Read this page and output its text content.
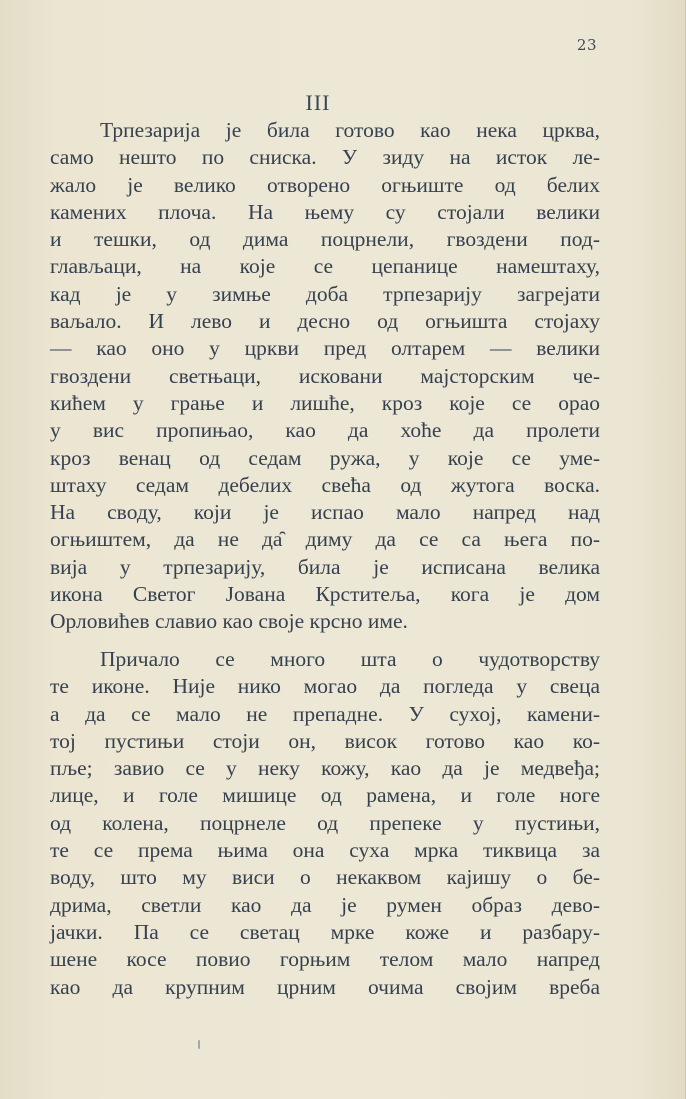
23
III
Трпезарија је била готово као нека црква,
само нешто по сниска. У зиду на исток ле-
жало је велико отворено огњиште од белих
камених плоча. На њему су стојали велики
и тешки, од дима поцрнели, гвоздени под-
глављаци, на које се цепанице намештаху,
кад је у зимње доба трпезарију загрејати
ваљало. И лево и десно од огњишта стојаху
— као оно у цркви пред олтарем — велики
гвоздени светњаци, исковани мајсторским че-
кићем у грање и лишће, кроз које се орао
у вис пропињао, као да хоће да пролети
кроз венац од седам ружа, у које се уме-
штаху седам дебелих свећа од жутога воска.
На своду, који је испао мало напред над
огњиштем, да не да̑ диму да се са њега по-
вија у трпезарију, била је исписана велика
икона Светог Јована Крститеља, кога је дом
Орловићев славио као своје крсно име.
Причало се много шта о чудотворству
те иконе. Није нико могао да погледа у свеца
а да се мало не препадне. У сухој, камени-
тој пустињи стоји он, висок готово као ко-
пље; завио се у неку кожу, као да је медвеђа;
лице, и голе мишице од рамена, и голе ноге
од колена, поцрнеле од препеке у пустињи,
те се према њима она суха мрка тиквица за
воду, што му виси о некаквом кајишу о бе-
дрима, светли као да је румен образ дево-
јачки. Па се светац мрке коже и разбару-
шене косе повио горњим телом мало напред
као да крупним црним очима својим вреба
